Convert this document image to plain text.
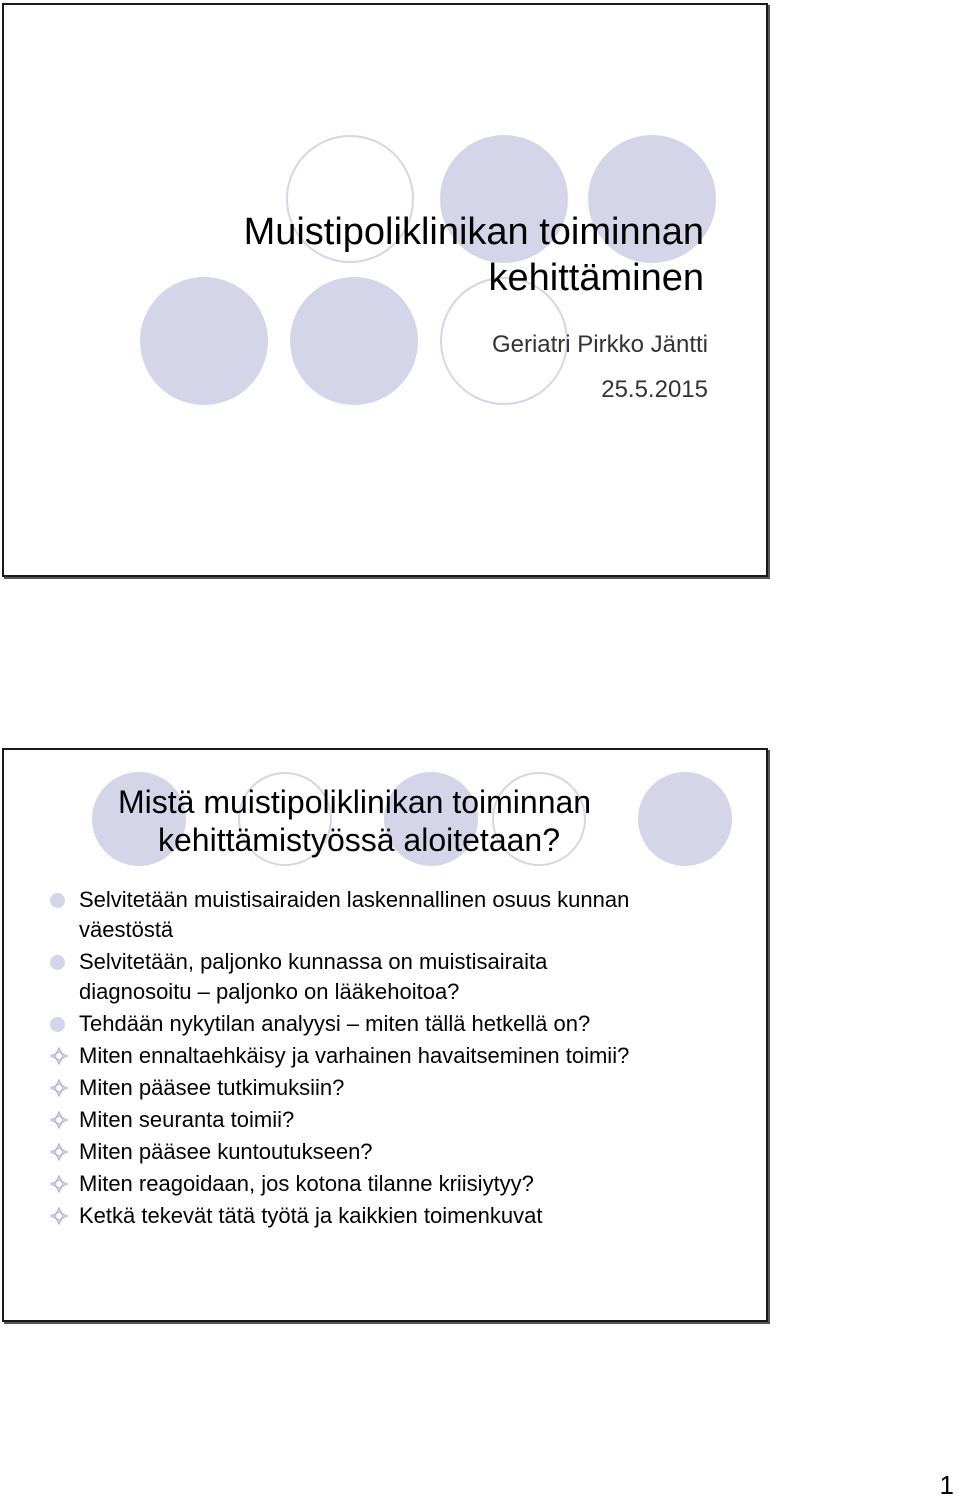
Muistipoliklinikan toiminnan
kehittäminen
Geriatri Pirkko Jäntti
25.5.2015
Mistä muistipoliklinikan toiminnan
kehittämistyössä aloitetaan?
Selvitetään muistisairaiden laskennallinen osuus kunnan
väestöstä
Selvitetään, paljonko kunnassa on muistisairaita
diagnosoitu – paljonko on lääkehoitoa?
Tehdään nykytilan analyysi – miten tällä hetkellä on?
Miten ennaltaehkäisy ja varhainen havaitseminen toimii?
Miten pääsee tutkimuksiin?
Miten seuranta toimii?
Miten pääsee kuntoutukseen?
Miten reagoidaan, jos kotona tilanne kriisiytyy?
Ketkä tekevät tätä työtä ja kaikkien toimenkuvat
1
